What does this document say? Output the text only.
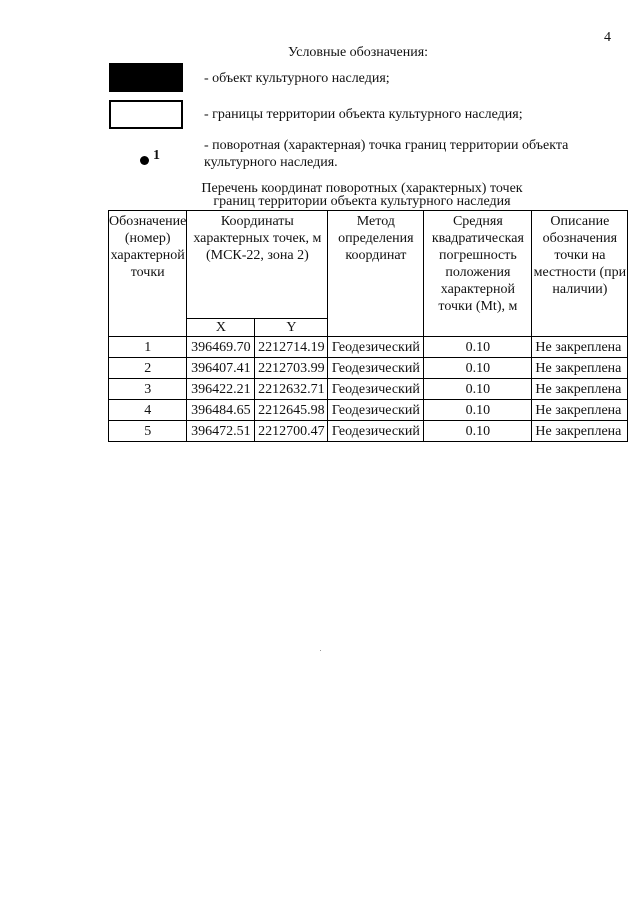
4
Условные обозначения:
- объект культурного наследия;
- границы территории объекта культурного наследия;
1
- поворотная (характерная) точка границ территории объекта культурного наследия.
Перечень координат поворотных (характерных) точек
границ территории объекта культурного наследия
Обозначение (номер) характерной точки	Координаты характерных точек, м (МСК-22, зона 2)		Метод определения координат	Средняя квадратическая погрешность положения характерной точки (Mt), м	Описание обозначения точки на местности (при наличии)
	X	Y			
1	396469.70	2212714.19	Геодезический	0.10	Не закреплена
2	396407.41	2212703.99	Геодезический	0.10	Не закреплена
3	396422.21	2212632.71	Геодезический	0.10	Не закреплена
4	396484.65	2212645.98	Геодезический	0.10	Не закреплена
5	396472.51	2212700.47	Геодезический	0.10	Не закреплена
